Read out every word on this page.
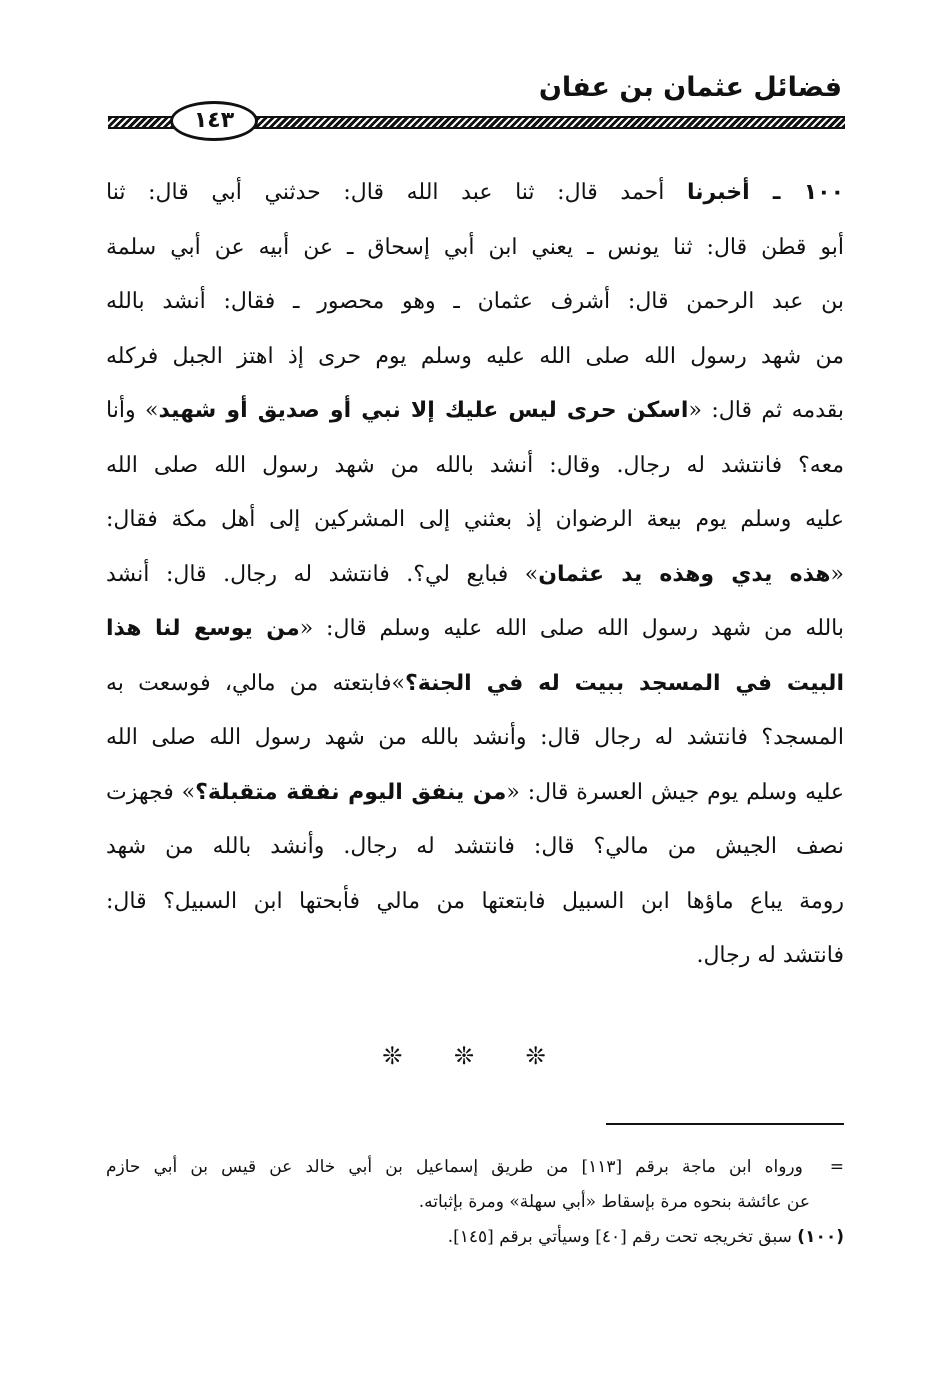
فضائل عثمان بن عفان
١٤٣
١٠٠ ـ أخبرنا أحمد قال: ثنا عبد الله قال: حدثني أبي قال: ثنا
أبو قطن قال: ثنا يونس ـ يعني ابن أبي إسحاق ـ عن أبيه عن أبي سلمة
بن عبد الرحمن قال: أشرف عثمان ـ وهو محصور ـ فقال: أنشد بالله
من شهد رسول الله صلى الله عليه وسلم يوم حرى إذ اهتز الجبل فركله
بقدمه ثم قال: «اسكن حرى ليس عليك إلا نبي أو صديق أو شهيد» وأنا
معه؟ فانتشد له رجال. وقال: أنشد بالله من شهد رسول الله صلى الله
عليه وسلم يوم بيعة الرضوان إذ بعثني إلى المشركين إلى أهل مكة فقال:
«هذه يدي وهذه يد عثمان» فبايع لي؟. فانتشد له رجال. قال: أنشد
بالله من شهد رسول الله صلى الله عليه وسلم قال: «من يوسع لنا هذا
البيت في المسجد ببيت له في الجنة؟»فابتعته من مالي، فوسعت به
المسجد؟ فانتشد له رجال قال: وأنشد بالله من شهد رسول الله صلى الله
عليه وسلم يوم جيش العسرة قال: «من ينفق اليوم نفقة متقبلة؟» فجهزت
نصف الجيش من مالي؟ قال: فانتشد له رجال. وأنشد بالله من شهد
رومة يباع ماؤها ابن السبيل فابتعتها من مالي فأبحتها ابن السبيل؟ قال:
فانتشد له رجال.
❊ ❊ ❊
= ورواه ابن ماجة برقم [١١٣] من طريق إسماعيل بن أبي خالد عن قيس بن أبي حازم
عن عائشة بنحوه مرة بإسقاط «أبي سهلة» ومرة بإثباته.
(١٠٠) سبق تخريجه تحت رقم [٤٠] وسيأتي برقم [١٤٥].
